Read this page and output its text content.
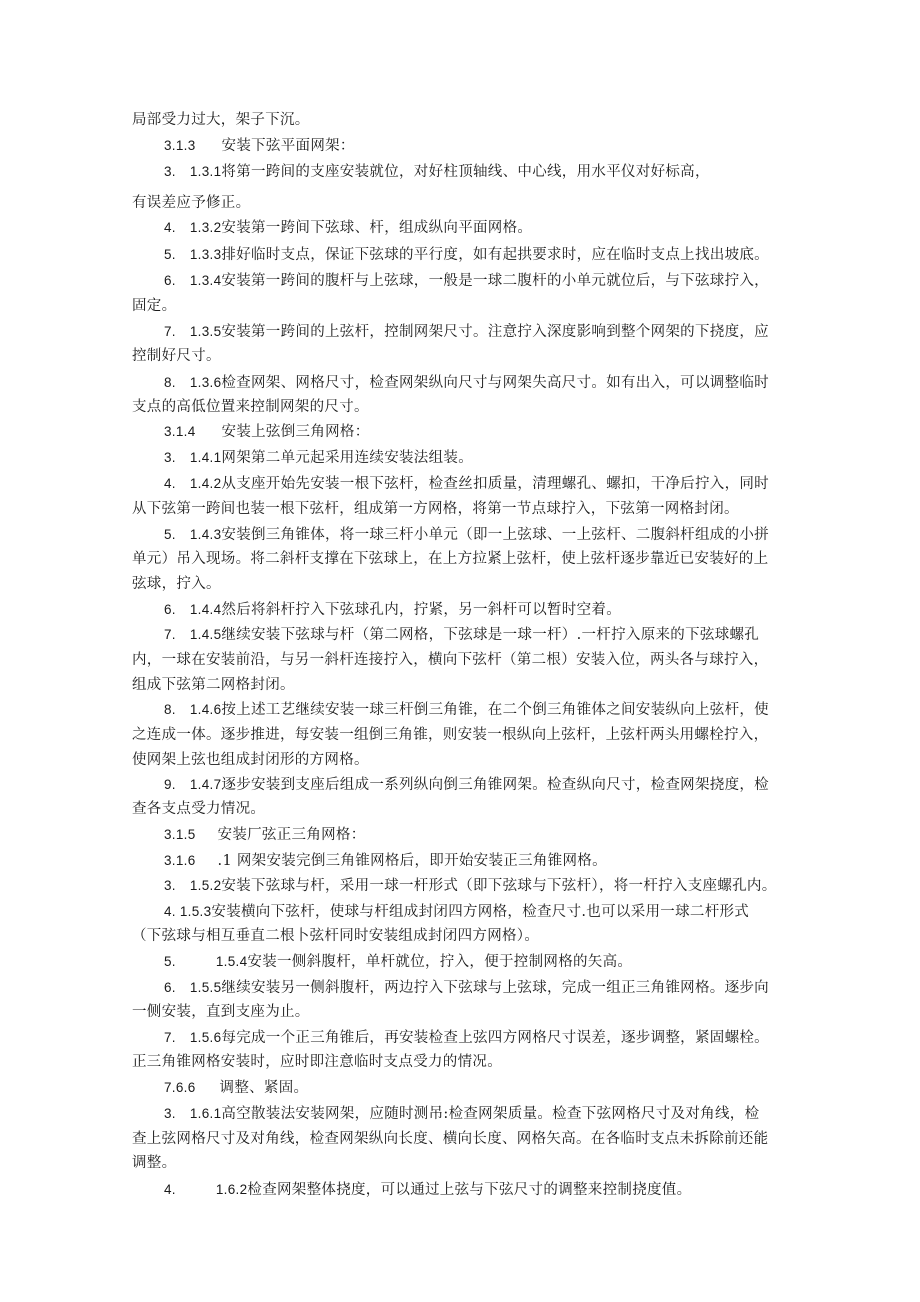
局部受力过大，架子下沉。
3.1.3 安装下弦平面网架：
3. 1.3.1将第一跨间的支座安装就位，对好柱顶轴线、中心线，用水平仪对好标高，
有误差应予修正。
4. 1.3.2安装第一跨间下弦球、杆，组成纵向平面网格。
5. 1.3.3排好临时支点，保证下弦球的平行度，如有起拱要求时，应在临时支点上找出坡底。
6. 1.3.4安装第一跨间的腹杆与上弦球，一般是一球二腹杆的小单元就位后，与下弦球拧入，
固定。
7. 1.3.5安装第一跨间的上弦杆，控制网架尺寸。注意拧入深度影响到整个网架的下挠度，应
控制好尺寸。
8. 1.3.6检查网架、网格尺寸，检查网架纵向尺寸与网架失高尺寸。如有出入，可以调整临时
支点的高低位置来控制网架的尺寸。
3.1.4 安装上弦倒三角网格：
3. 1.4.1网架第二单元起采用连续安装法组装。
4. 1.4.2从支座开始先安装一根下弦杆，检查丝扣质量，清理螺孔、螺扣，干净后拧入，同时
从下弦第一跨间也装一根下弦杆，组成第一方网格，将第一节点球拧入，下弦第一网格封闭。
5. 1.4.3安装倒三角锥体，将一球三杆小单元（即一上弦球、一上弦杆、二腹斜杆组成的小拼
单元）吊入现场。将二斜杆支撑在下弦球上，在上方拉紧上弦杆，使上弦杆逐步靠近已安装好的上
弦球，拧入。
6. 1.4.4然后将斜杆拧入下弦球孔内，拧紧，另一斜杆可以暂时空着。
7. 1.4.5继续安装下弦球与杆（第二网格，下弦球是一球一杆）.一杆拧入原来的下弦球螺孔
内，一球在安装前沿，与另一斜杆连接拧入，横向下弦杆（第二根）安装入位，两头各与球拧入，
组成下弦第二网格封闭。
8. 1.4.6按上述工艺继续安装一球三杆倒三角锥，在二个倒三角锥体之间安装纵向上弦杆，使
之连成一体。逐步推进，每安装一组倒三角锥，则安装一根纵向上弦杆，上弦杆两头用螺栓拧入，
使网架上弦也组成封闭形的方网格。
9. 1.4.7逐步安装到支座后组成一系列纵向倒三角锥网架。检查纵向尺寸，检查网架挠度，检
查各支点受力情况。
3.1.5 安装厂弦正三角网格：
3.1.6 .1 网架安装完倒三角锥网格后，即开始安装正三角锥网格。
3. 1.5.2安装下弦球与杆，采用一球一杆形式（即下弦球与下弦杆），将一杆拧入支座螺孔内。
4. 1.5.3安装横向下弦杆，使球与杆组成封闭四方网格，检查尺寸.也可以采用一球二杆形式
（下弦球与相互垂直二根卜弦杆同时安装组成封闭四方网格）。
5.	1.5.4安装一侧斜腹杆，单杆就位，拧入，便于控制网格的矢高。
6. 1.5.5继续安装另一侧斜腹杆，两边拧入下弦球与上弦球，完成一组正三角锥网格。逐步向
一侧安装，直到支座为止。
7. 1.5.6每完成一个正三角锥后，再安装检查上弦四方网格尺寸误差，逐步调整，紧固螺栓。
正三角锥网格安装时，应时即注意临时支点受力的情况。
7.6.6 调整、紧固。
3. 1.6.1高空散装法安装网架，应随时测吊:检查网架质量。检查下弦网格尺寸及对角线，检
查上弦网格尺寸及对角线，检查网架纵向长度、横向长度、网格矢高。在各临时支点未拆除前还能
调整。
4.	1.6.2检查网架整体挠度，可以通过上弦与下弦尺寸的调整来控制挠度值。
